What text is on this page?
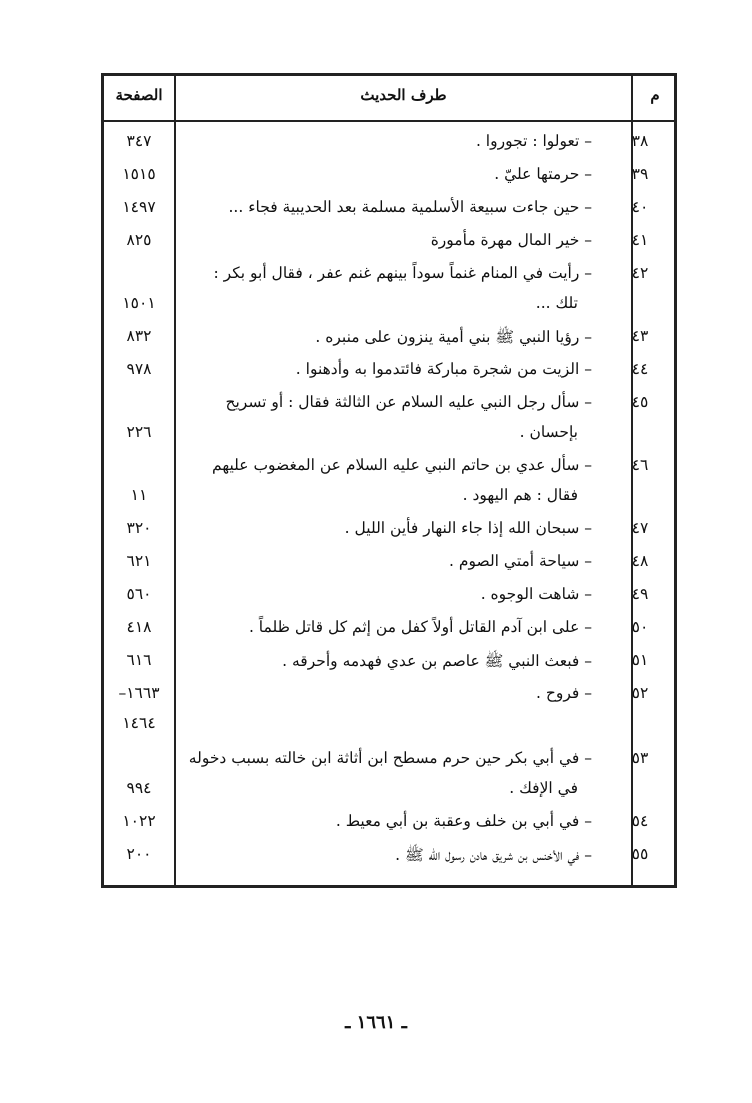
الصفحة	طرف الحديث	م
٣٨
– تعولوا : تجوروا .
٣٤٧
٣٩
– حرمتها عليّ .
١٥١٥
٤٠
– حين جاءت سبيعة الأسلمية مسلمة بعد الحديبية فجاء ...
١٤٩٧
٤١
– خير المال مهرة مأمورة
٨٢٥
٤٢
– رأيت في المنام غنماً سوداً بينهم غنم عفر ، فقال أبو بكر :
تلك ...
١٥٠١
٤٣
– رؤيا النبي ﷺ بني أمية ينزون على منبره .
٨٣٢
٤٤
– الزيت من شجرة مباركة فائتدموا به وأدهنوا .
٩٧٨
٤٥
– سأل رجل النبي عليه السلام عن الثالثة فقال : أو تسريح
بإحسان .
٢٢٦
٤٦
– سأل عدي بن حاتم النبي عليه السلام عن المغضوب عليهم
فقال : هم اليهود .
١١
٤٧
– سبحان الله إذا جاء النهار فأين الليل .
٣٢٠
٤٨
– سياحة أمتي الصوم .
٦٢١
٤٩
– شاهت الوجوه .
٥٦٠
٥٠
– على ابن آدم القاتل أولاً كفل من إثم كل قاتل ظلماً .
٤١٨
٥١
– فبعث النبي ﷺ عاصم بن عدي فهدمه وأحرقه .
٦١٦
٥٢
– فروح .
١٦٦٣–
١٤٦٤
٥٣
– في أبي بكر حين حرم مسطح ابن أثاثة ابن خالته بسبب دخوله
في الإفك .
٩٩٤
٥٤
– في أبي بن خلف وعقبة بن أبي معيط .
١٠٢٢
٥٥
– في الأخنس بن شريق هادن رسول الله ﷺ .
٢٠٠
ـ ١٦٦١ ـ
